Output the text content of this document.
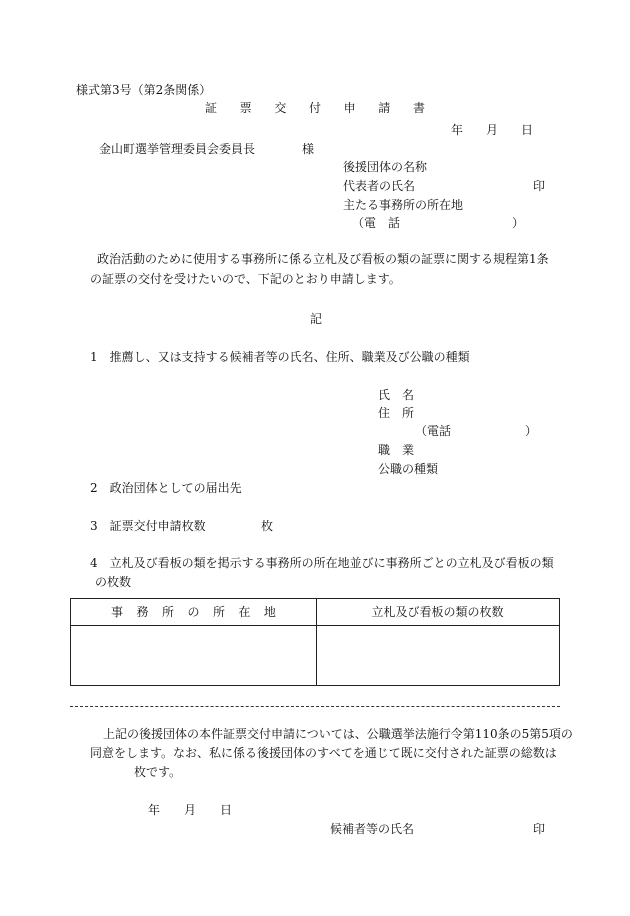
様式第3号（第2条関係）
証 票 交 付 申 請 書
年 月 日
金山町選挙管理委員会委員長	様
後援団体の名称
代表者の氏名	印
主たる事務所の所在地
（電　話	）
政治活動のために使用する事務所に係る立札及び看板の類の証票に関する規程第1条
の証票の交付を受けたいので、下記のとおり申請します。
記
1　推薦し、又は支持する候補者等の氏名、住所、職業及び公職の種類
氏　名
住　所
（電話	）
職　業
公職の種類
2　政治団体としての届出先
3　証票交付申請枚数	枚
4　立札及び看板の類を掲示する事務所の所在地並びに事務所ごとの立札及び看板の類
の枚数
事 務 所 の 所 在 地	立札及び看板の類の枚数
上記の後援団体の本件証票交付申請については、公職選挙法施行令第110条の5第5項の
同意をします。なお、私に係る後援団体のすべてを通じて既に交付された証票の総数は
枚です。
年 月 日
候補者等の氏名	印
